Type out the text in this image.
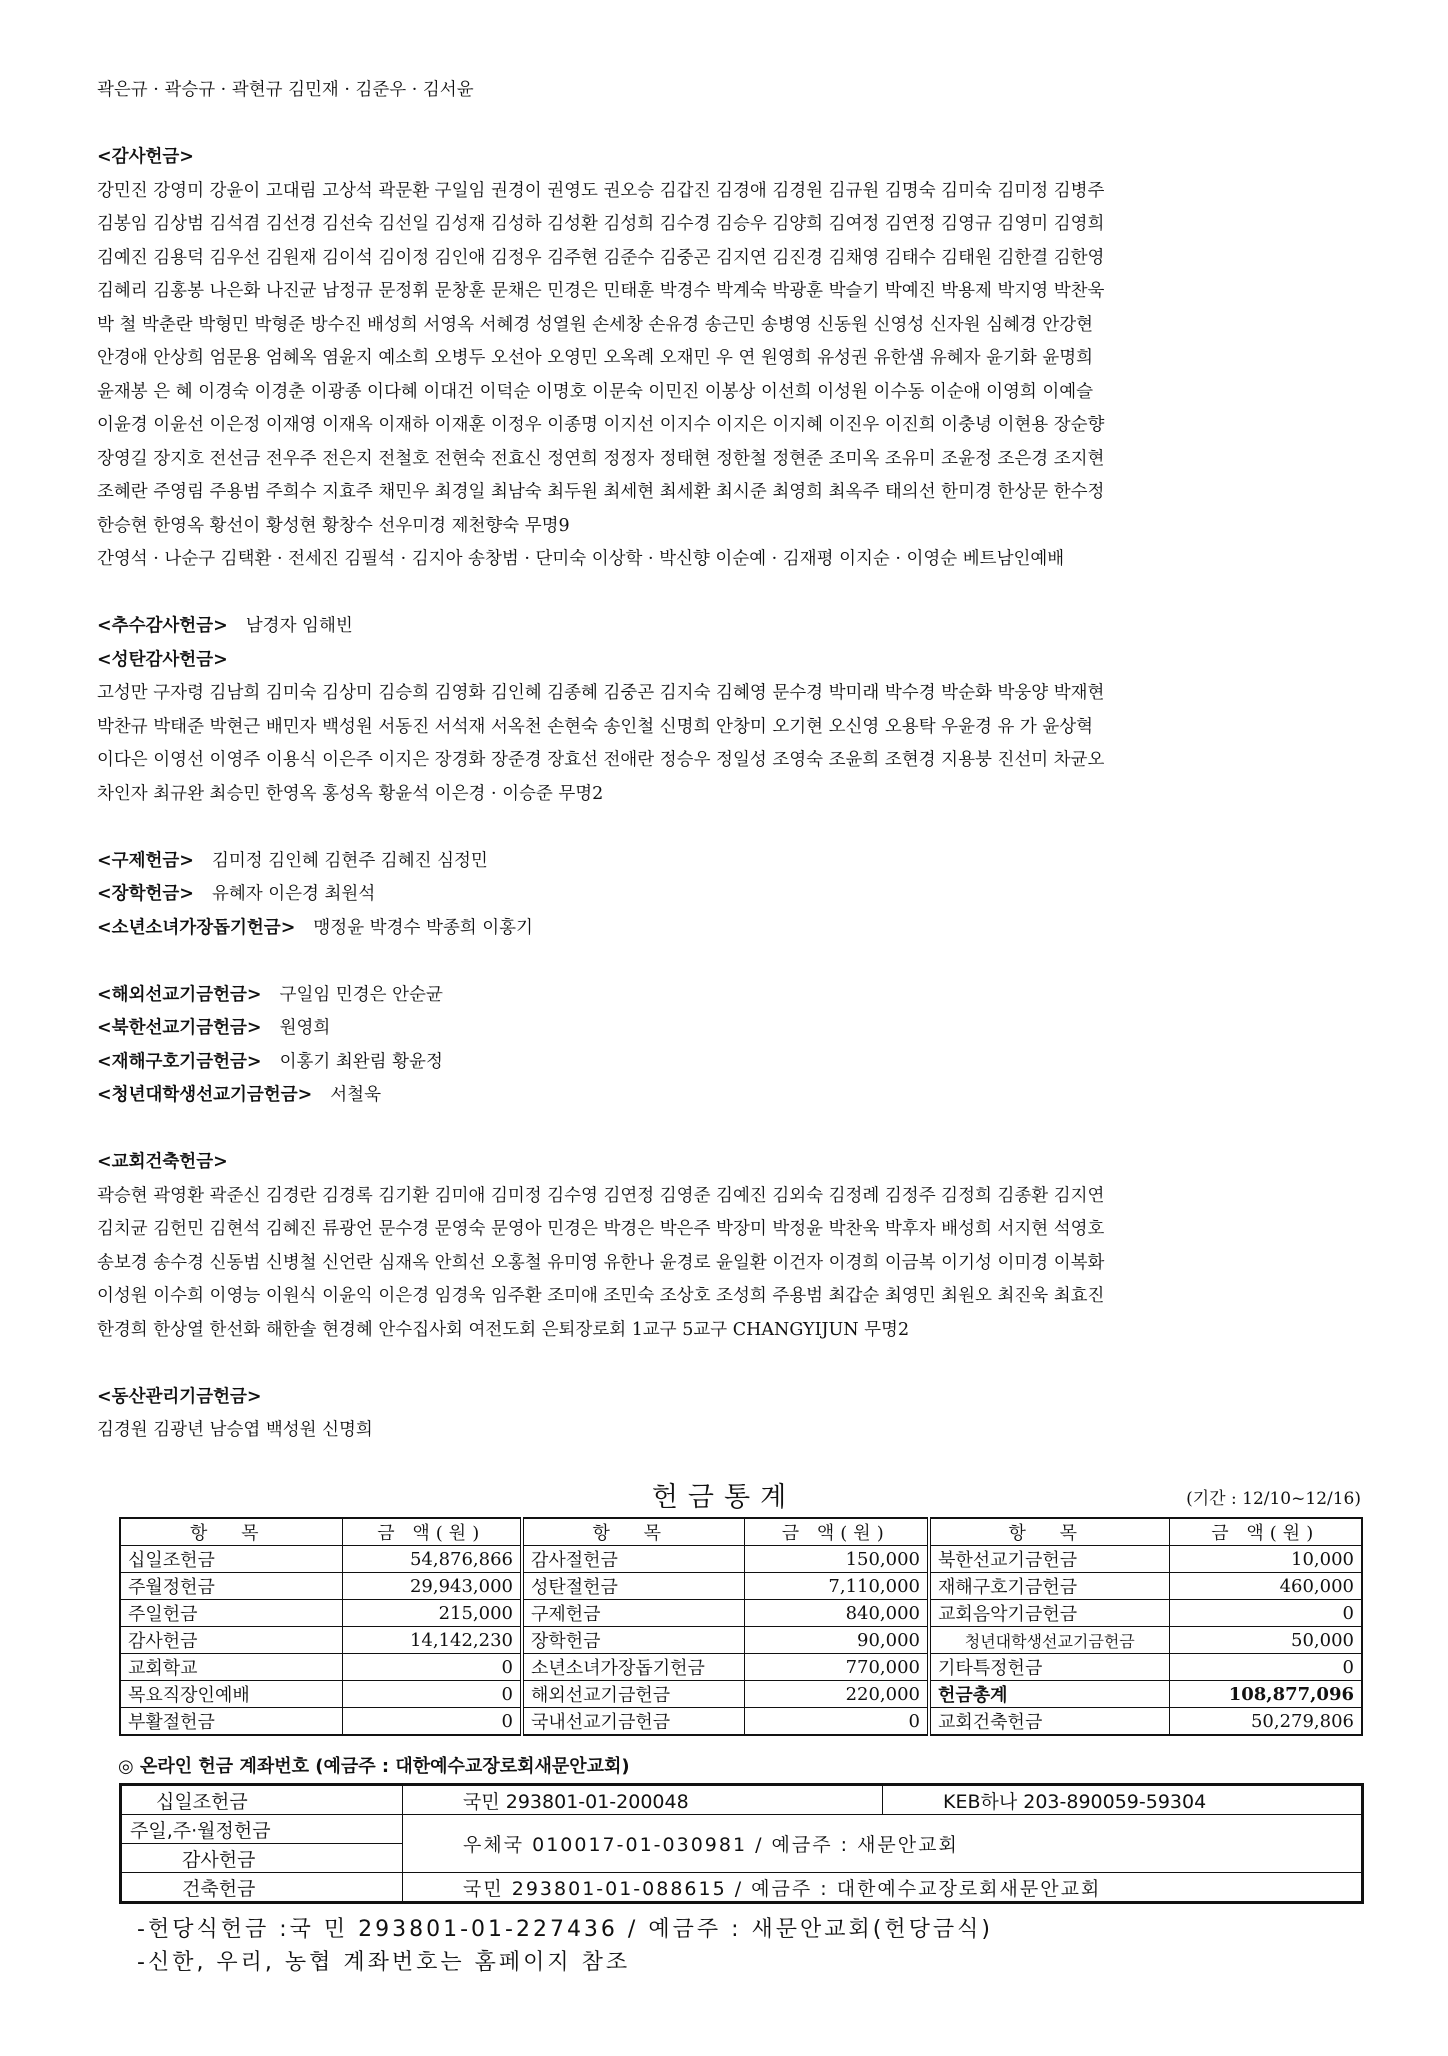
곽은규 · 곽승규 · 곽현규 김민재 · 김준우 · 김서윤
<감사헌금>
강민진 강영미 강윤이 고대림 고상석 곽문환 구일임 권경이 권영도 권오승 김갑진 김경애 김경원 김규원 김명숙 김미숙 김미정 김병주
김봉임 김상범 김석겸 김선경 김선숙 김선일 김성재 김성하 김성환 김성희 김수경 김승우 김양희 김여정 김연정 김영규 김영미 김영희
김예진 김용덕 김우선 김원재 김이석 김이정 김인애 김정우 김주현 김준수 김중곤 김지연 김진경 김채영 김태수 김태원 김한결 김한영
김혜리 김홍봉 나은화 나진균 남정규 문정휘 문창훈 문채은 민경은 민태훈 박경수 박계숙 박광훈 박슬기 박예진 박용제 박지영 박찬욱
박 철 박춘란 박형민 박형준 방수진 배성희 서영옥 서혜경 성열원 손세창 손유경 송근민 송병영 신동원 신영성 신자원 심혜경 안강현
안경애 안상희 엄문용 엄혜옥 염윤지 예소희 오병두 오선아 오영민 오옥례 오재민 우 연 원영희 유성권 유한샘 유혜자 윤기화 윤명희
윤재봉 은 혜 이경숙 이경춘 이광종 이다혜 이대건 이덕순 이명호 이문숙 이민진 이봉상 이선희 이성원 이수동 이순애 이영희 이예슬
이윤경 이윤선 이은정 이재영 이재옥 이재하 이재훈 이정우 이종명 이지선 이지수 이지은 이지혜 이진우 이진희 이충녕 이현용 장순향
장영길 장지호 전선금 전우주 전은지 전철호 전현숙 전효신 정연희 정정자 정태현 정한철 정현준 조미옥 조유미 조윤정 조은경 조지현
조혜란 주영림 주용범 주희수 지효주 채민우 최경일 최남숙 최두원 최세현 최세환 최시준 최영희 최옥주 태의선 한미경 한상문 한수정
한승현 한영옥 황선이 황성현 황창수 선우미경 제천향숙 무명9
간영석 · 나순구 김택환 · 전세진 김필석 · 김지아 송창범 · 단미숙 이상학 · 박신향 이순예 · 김재평 이지순 · 이영순 베트남인예배
<추수감사헌금> 남경자 임해빈
<성탄감사헌금>
고성만 구자령 김남희 김미숙 김상미 김승희 김영화 김인혜 김종혜 김중곤 김지숙 김혜영 문수경 박미래 박수경 박순화 박웅양 박재현
박찬규 박태준 박현근 배민자 백성원 서동진 서석재 서옥천 손현숙 송인철 신명희 안창미 오기현 오신영 오용탁 우윤경 유 가 윤상혁
이다은 이영선 이영주 이용식 이은주 이지은 장경화 장준경 장효선 전애란 정승우 정일성 조영숙 조윤희 조현경 지용붕 진선미 차균오
차인자 최규완 최승민 한영옥 홍성옥 황윤석 이은경 · 이승준 무명2
<구제헌금> 김미정 김인혜 김현주 김혜진 심정민
<장학헌금> 유혜자 이은경 최원석
<소년소녀가장돕기헌금> 맹정윤 박경수 박종희 이홍기
<해외선교기금헌금> 구일임 민경은 안순균
<북한선교기금헌금> 원영희
<재해구호기금헌금> 이홍기 최완림 황윤정
<청년대학생선교기금헌금> 서철욱
<교회건축헌금>
곽승현 곽영환 곽준신 김경란 김경록 김기환 김미애 김미정 김수영 김연정 김영준 김예진 김외숙 김정례 김정주 김정희 김종환 김지연
김치균 김헌민 김현석 김혜진 류광언 문수경 문영숙 문영아 민경은 박경은 박은주 박장미 박정윤 박찬욱 박후자 배성희 서지현 석영호
송보경 송수경 신동범 신병철 신언란 심재옥 안희선 오홍철 유미영 유한나 윤경로 윤일환 이건자 이경희 이금복 이기성 이미경 이복화
이성원 이수희 이영능 이원식 이윤익 이은경 임경욱 임주환 조미애 조민숙 조상호 조성희 주용범 최갑순 최영민 최원오 최진욱 최효진
한경희 한상열 한선화 해한솔 현경혜 안수집사회 여전도회 은퇴장로회 1교구 5교구 CHANGYIJUN 무명2
<동산관리기금헌금>
김경원 김광년 남승엽 백성원 신명희
헌금통계	(기간 : 12/10~12/16)
항 목	금 액(원)	항 목	금 액(원)	항 목	금 액(원)
십일조헌금	54,876,866	감사절헌금	150,000	북한선교기금헌금	10,000
주월정헌금	29,943,000	성탄절헌금	7,110,000	재해구호기금헌금	460,000
주일헌금	215,000	구제헌금	840,000	교회음악기금헌금	0
감사헌금	14,142,230	장학헌금	90,000	청년대학생선교기금헌금	50,000
교회학교	0	소년소녀가장돕기헌금	770,000	기타특정헌금	0
목요직장인예배	0	해외선교기금헌금	220,000	헌금총계	108,877,096
부활절헌금	0	국내선교기금헌금	0	교회건축헌금	50,279,806
◎ 온라인 헌금 계좌번호 (예금주 : 대한예수교장로회새문안교회)
십일조헌금	국민 293801-01-200048	KEB하나 203-890059-59304
주일,주·월정헌금	우체국 010017-01-030981 / 예금주 : 새문안교회	
감사헌금		
건축헌금	국민 293801-01-088615 / 예금주 : 대한예수교장로회새문안교회	
-헌당식헌금 :국 민 293801-01-227436 / 예금주 : 새문안교회(헌당금식)
-신한, 우리, 농협 계좌번호는 홈페이지 참조
